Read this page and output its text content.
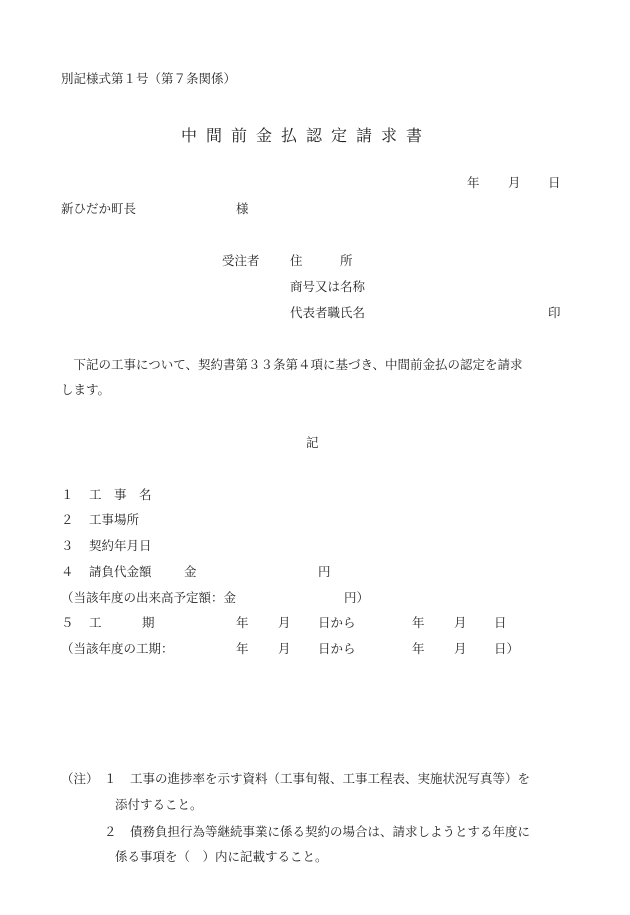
別記様式第１号（第７条関係）
中間前金払認定請求書
年 月 日
新ひだか町長	様
受注者 住　　　所
商号又は名称
代表者職氏名	印
　下記の工事について、契約書第３３条第４項に基づき、中間前金払の認定を請求
します。
記
１ 工　事　名
２ 工事場所
３ 契約年月日
４ 請負代金額	金	円
（当該年度の出来高予定額：金	円）
５ 工	期	年 月 日から	年 月 日
（当該年度の工期：	年 月 日から	年 月 日）
（注） １ 工事の進捗率を示す資料（工事旬報、工事工程表、実施状況写真等）を
添付すること。
２ 債務負担行為等継続事業に係る契約の場合は、請求しようとする年度に
係る事項を（　）内に記載すること。
